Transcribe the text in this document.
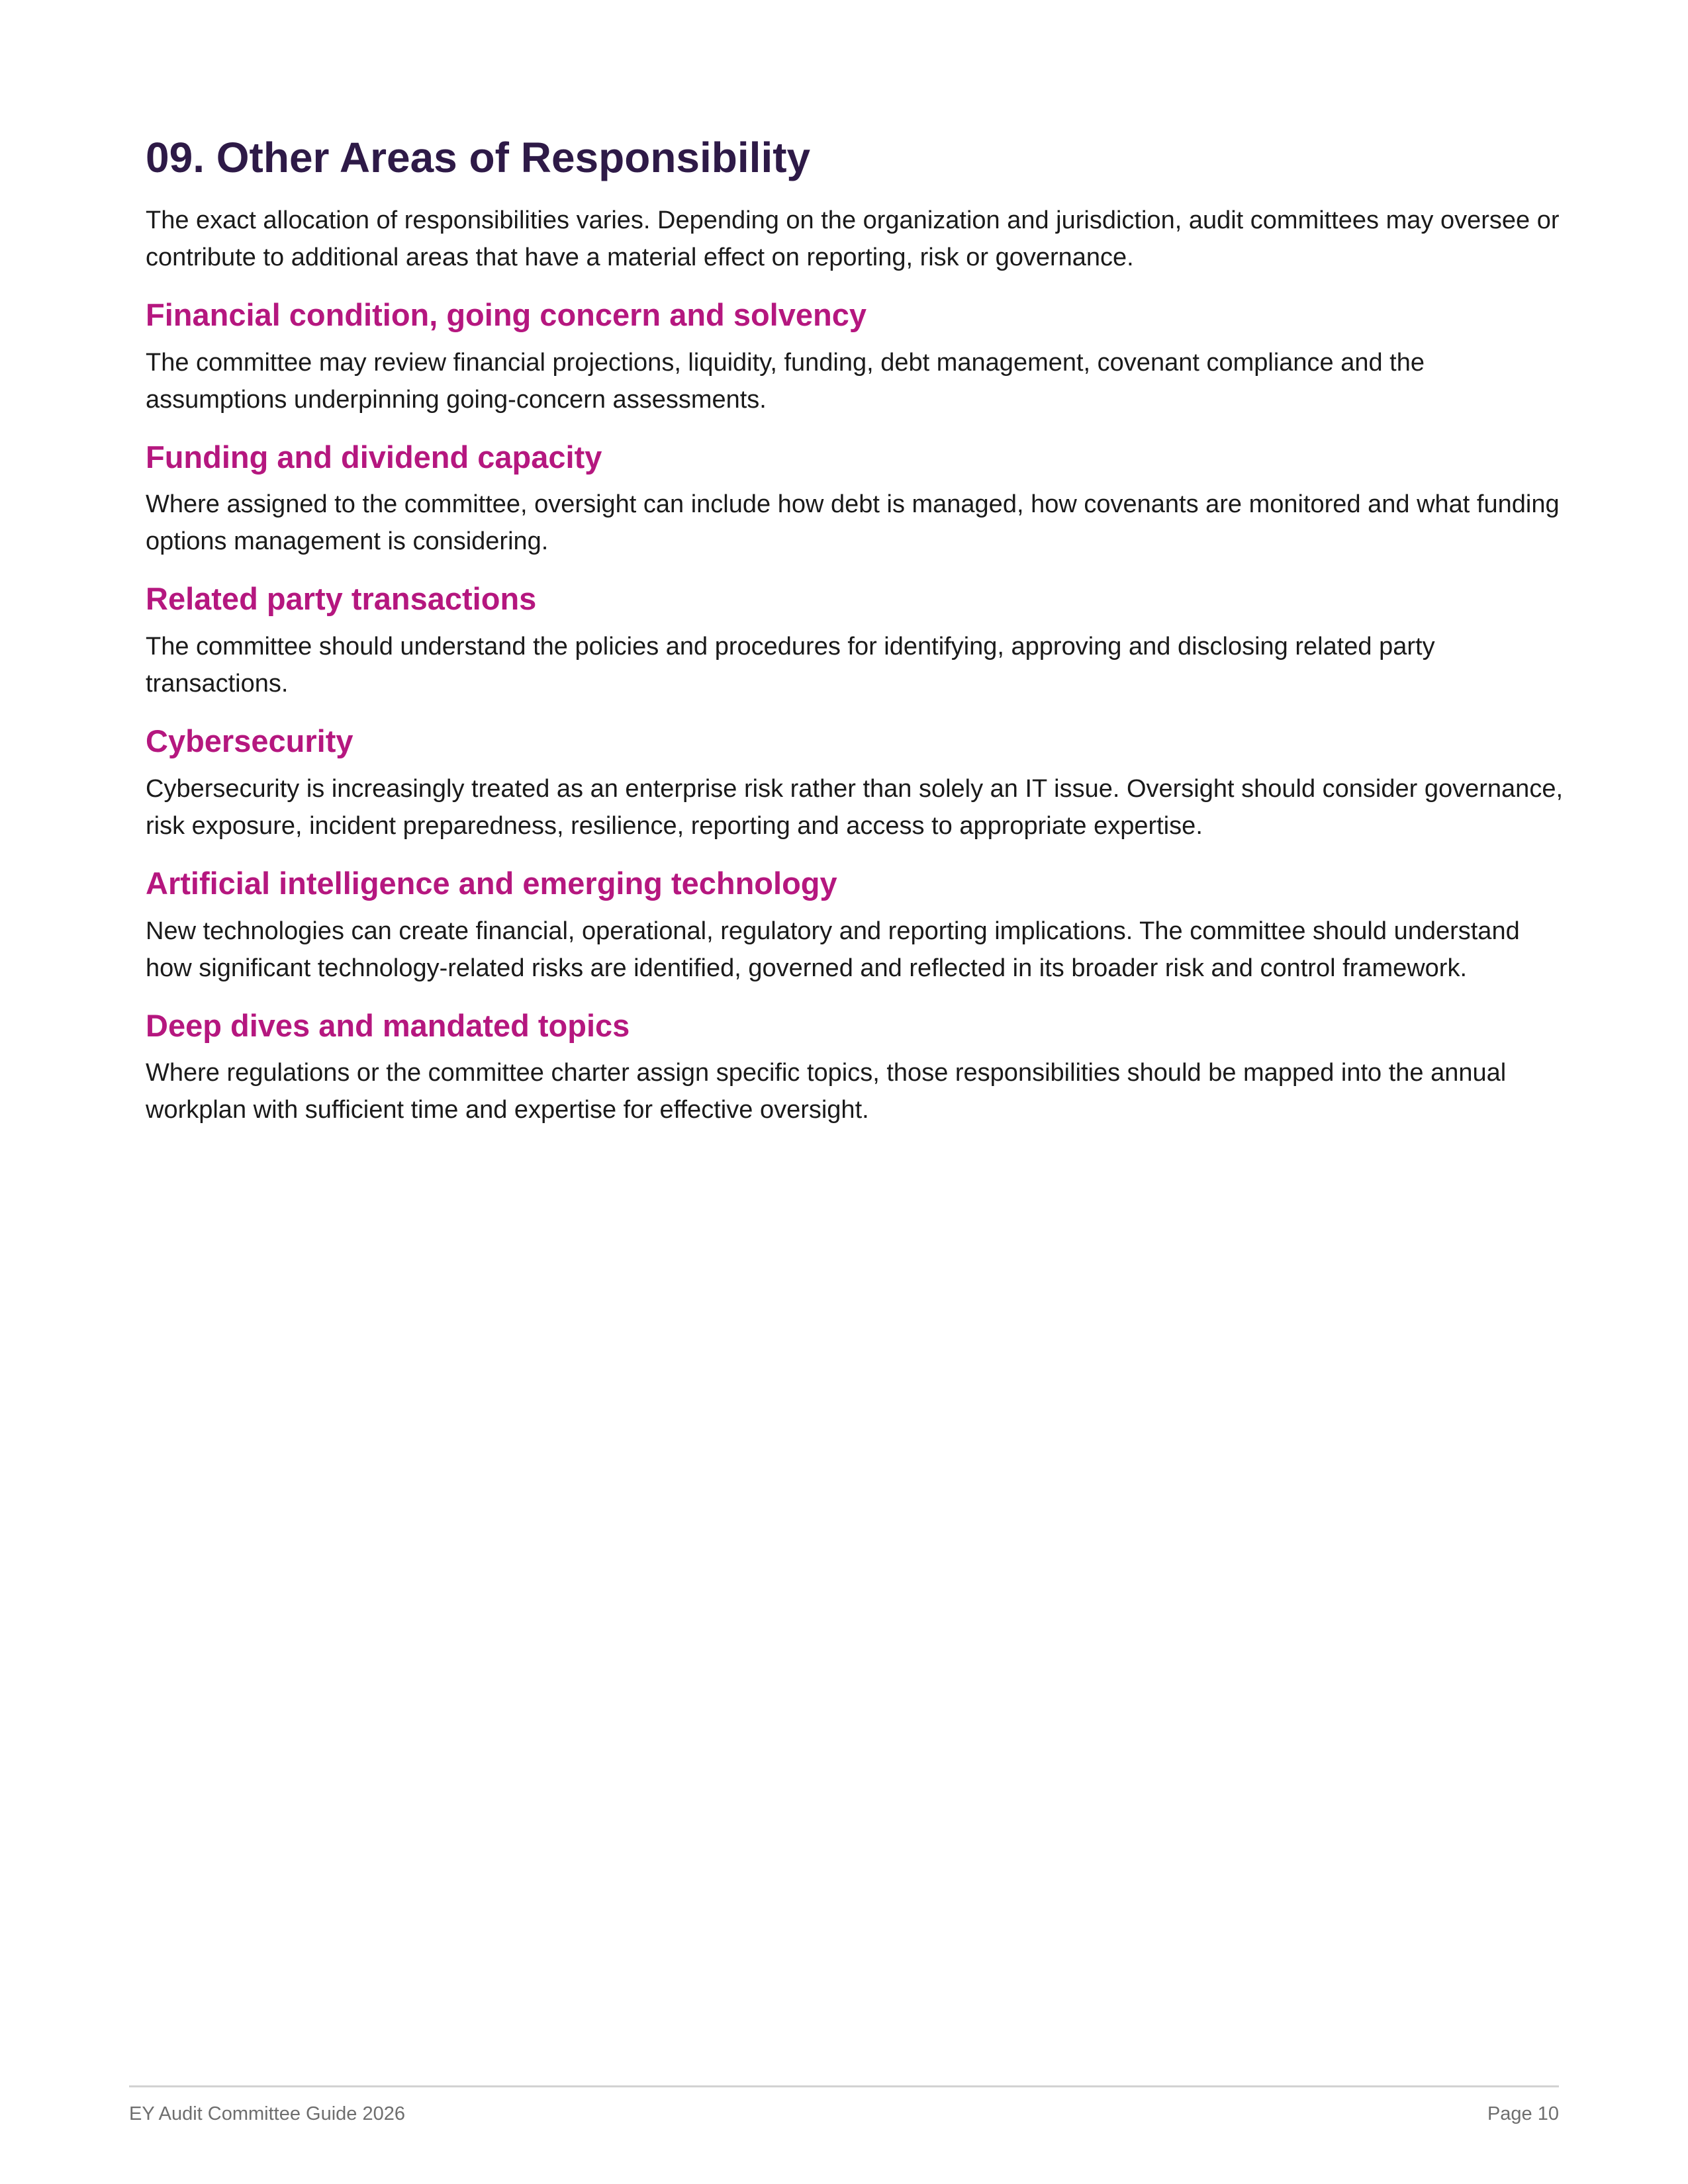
09. Other Areas of Responsibility

The exact allocation of responsibilities varies. Depending on the organization and jurisdiction, audit committees may oversee or contribute to additional areas that have a material effect on reporting, risk or governance.

Financial condition, going concern and solvency

The committee may review financial projections, liquidity, funding, debt management, covenant compliance and the assumptions underpinning going-concern assessments.

Funding and dividend capacity

Where assigned to the committee, oversight can include how debt is managed, how covenants are monitored and what funding options management is considering.

Related party transactions

The committee should understand the policies and procedures for identifying, approving and disclosing related party transactions.

Cybersecurity

Cybersecurity is increasingly treated as an enterprise risk rather than solely an IT issue. Oversight should consider governance, risk exposure, incident preparedness, resilience, reporting and access to appropriate expertise.

Artificial intelligence and emerging technology

New technologies can create financial, operational, regulatory and reporting implications. The committee should understand how significant technology-related risks are identified, governed and reflected in its broader risk and control framework.

Deep dives and mandated topics

Where regulations or the committee charter assign specific topics, those responsibilities should be mapped into the annual workplan with sufficient time and expertise for effective oversight.

EY Audit Committee Guide 2026	Page 10
